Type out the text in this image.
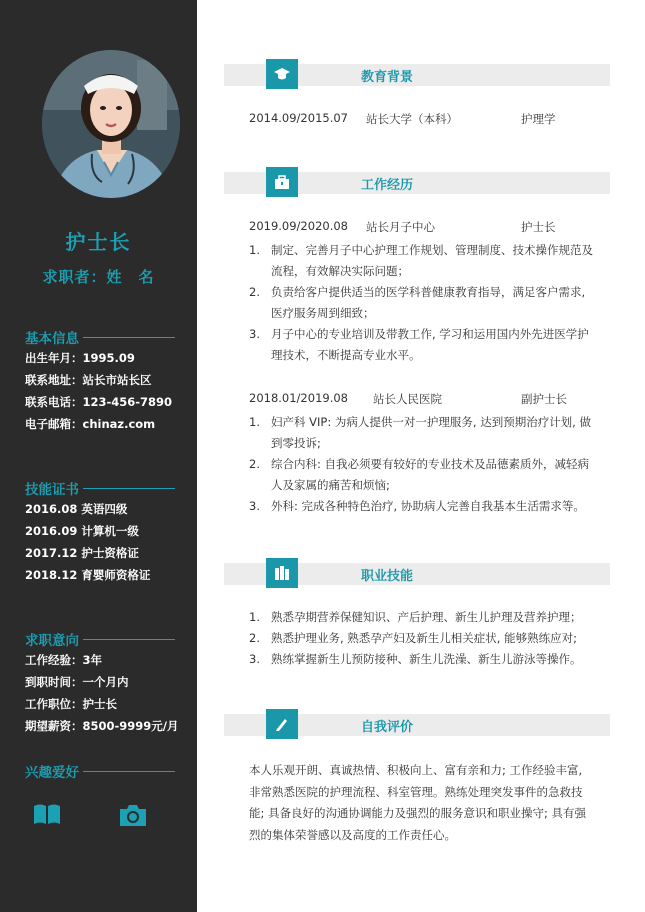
护士长
求职者：姓　名
基本信息
出生年月：1995.09
联系地址：站长市站长区
联系电话：123-456-7890
电子邮箱：chinaz.com
技能证书
2016.08 英语四级
2016.09 计算机一级
2017.12 护士资格证
2018.12 育婴师资格证
求职意向
工作经验：3年
到职时间：一个月内
工作职位：护士长
期望薪资：8500-9999元/月
兴趣爱好
教育背景
2014.09/2015.07 站长大学（本科）	护理学
工作经历
2019.09/2020.08 站长月子中心	护士长
1. 制定、完善月子中心护理工作规划、管理制度、技术操作规范及流程，有效解决实际问题；
2. 负责给客户提供适当的医学科普健康教育指导，满足客户需求,医疗服务周到细致；
3. 月子中心的专业培训及带教工作, 学习和运用国内外先进医学护理技术，不断提高专业水平。
2018.01/2019.08 站长人民医院	副护士长
1. 妇产科 VIP: 为病人提供一对一护理服务, 达到预期治疗计划, 做到零投诉;
2. 综合内科: 自我必须要有较好的专业技术及品德素质外，减轻病人及家属的痛苦和烦恼;
3. 外科: 完成各种特色治疗, 协助病人完善自我基本生活需求等。
职业技能
1. 熟悉孕期营养保健知识、产后护理、新生儿护理及营养护理；
2. 熟悉护理业务, 熟悉孕产妇及新生儿相关症状, 能够熟练应对;
3. 熟练掌握新生儿预防接种、新生儿洗澡、新生儿游泳等操作。
自我评价

本人乐观开朗、真诚热情、积极向上、富有亲和力; 工作经验丰富, 非常熟悉医院的护理流程、科室管理。熟练处理突发事件的急救技能; 具备良好的沟通协调能力及强烈的服务意识和职业操守; 具有强烈的集体荣誉感以及高度的工作责任心。
